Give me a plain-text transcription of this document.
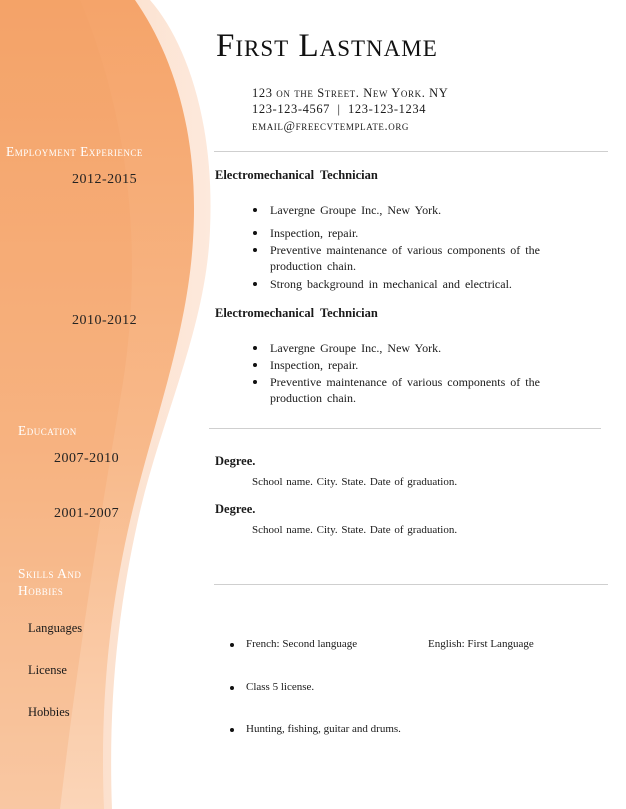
First Lastname
123 on the Street. New York. NY
123-123-4567  |  123-123-1234
email@freecvtemplate.org
Employment Experience
2012-2015
2010-2012
Education
2007-2010
2001-2007
Skills And Hobbies
Languages
License
Hobbies
Electromechanical Technician
Lavergne Groupe Inc., New York.
Inspection, repair.
Preventive maintenance of various components of the production chain.
Strong background in mechanical and electrical.
Electromechanical Technician
Lavergne Groupe Inc., New York.
Inspection, repair.
Preventive maintenance of various components of the production chain.
Degree.
School name. City. State. Date of graduation.
Degree.
School name. City. State. Date of graduation.
French: Second language	English: First Language
Class 5 license.
Hunting, fishing, guitar and drums.
